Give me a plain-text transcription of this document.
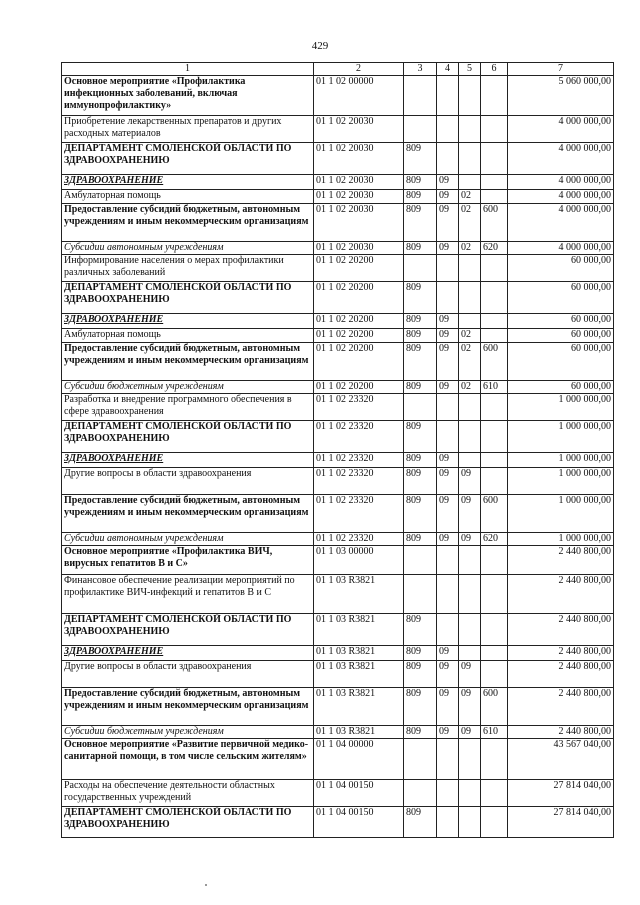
429
1	2	3	4	5	6	7
Основное мероприятие «Профилактика инфекционных заболеваний, включая иммунопрофилактику»	01 1 02 00000					5 060 000,00
Приобретение лекарственных препаратов и других расходных материалов	01 1 02 20030					4 000 000,00
ДЕПАРТАМЕНТ СМОЛЕНСКОЙ ОБЛАСТИ ПО ЗДРАВООХРАНЕНИЮ	01 1 02 20030	809				4 000 000,00
ЗДРАВООХРАНЕНИЕ	01 1 02 20030	809	09			4 000 000,00
Амбулаторная помощь	01 1 02 20030	809	09	02		4 000 000,00
Предоставление субсидий бюджетным, автономным учреждениям и иным некоммерческим организациям	01 1 02 20030	809	09	02	600	4 000 000,00
Субсидии автономным учреждениям	01 1 02 20030	809	09	02	620	4 000 000,00
Информирование населения о мерах профилактики различных заболеваний	01 1 02 20200					60 000,00
ДЕПАРТАМЕНТ СМОЛЕНСКОЙ ОБЛАСТИ ПО ЗДРАВООХРАНЕНИЮ	01 1 02 20200	809				60 000,00
ЗДРАВООХРАНЕНИЕ	01 1 02 20200	809	09			60 000,00
Амбулаторная помощь	01 1 02 20200	809	09	02		60 000,00
Предоставление субсидий бюджетным, автономным учреждениям и иным некоммерческим организациям	01 1 02 20200	809	09	02	600	60 000,00
Субсидии бюджетным учреждениям	01 1 02 20200	809	09	02	610	60 000,00
Разработка и внедрение программного обеспечения в сфере здравоохранения	01 1 02 23320					1 000 000,00
ДЕПАРТАМЕНТ СМОЛЕНСКОЙ ОБЛАСТИ ПО ЗДРАВООХРАНЕНИЮ	01 1 02 23320	809				1 000 000,00
ЗДРАВООХРАНЕНИЕ	01 1 02 23320	809	09			1 000 000,00
Другие вопросы в области здравоохранения	01 1 02 23320	809	09	09		1 000 000,00
Предоставление субсидий бюджетным, автономным учреждениям и иным некоммерческим организациям	01 1 02 23320	809	09	09	600	1 000 000,00
Субсидии автономным учреждениям	01 1 02 23320	809	09	09	620	1 000 000,00
Основное мероприятие «Профилактика ВИЧ, вирусных гепатитов В и С»	01 1 03 00000					2 440 800,00
Финансовое обеспечение реализации мероприятий по профилактике ВИЧ-инфекций и гепатитов В и С	01 1 03 R3821					2 440 800,00
ДЕПАРТАМЕНТ СМОЛЕНСКОЙ ОБЛАСТИ ПО ЗДРАВООХРАНЕНИЮ	01 1 03 R3821	809				2 440 800,00
ЗДРАВООХРАНЕНИЕ	01 1 03 R3821	809	09			2 440 800,00
Другие вопросы в области здравоохранения	01 1 03 R3821	809	09	09		2 440 800,00
Предоставление субсидий бюджетным, автономным учреждениям и иным некоммерческим организациям	01 1 03 R3821	809	09	09	600	2 440 800,00
Субсидии бюджетным учреждениям	01 1 03 R3821	809	09	09	610	2 440 800,00
Основное мероприятие «Развитие первичной медико-санитарной помощи, в том числе сельским жителям»	01 1 04 00000					43 567 040,00
Расходы на обеспечение деятельности областных государственных учреждений	01 1 04 00150					27 814 040,00
ДЕПАРТАМЕНТ СМОЛЕНСКОЙ ОБЛАСТИ ПО ЗДРАВООХРАНЕНИЮ	01 1 04 00150	809				27 814 040,00
